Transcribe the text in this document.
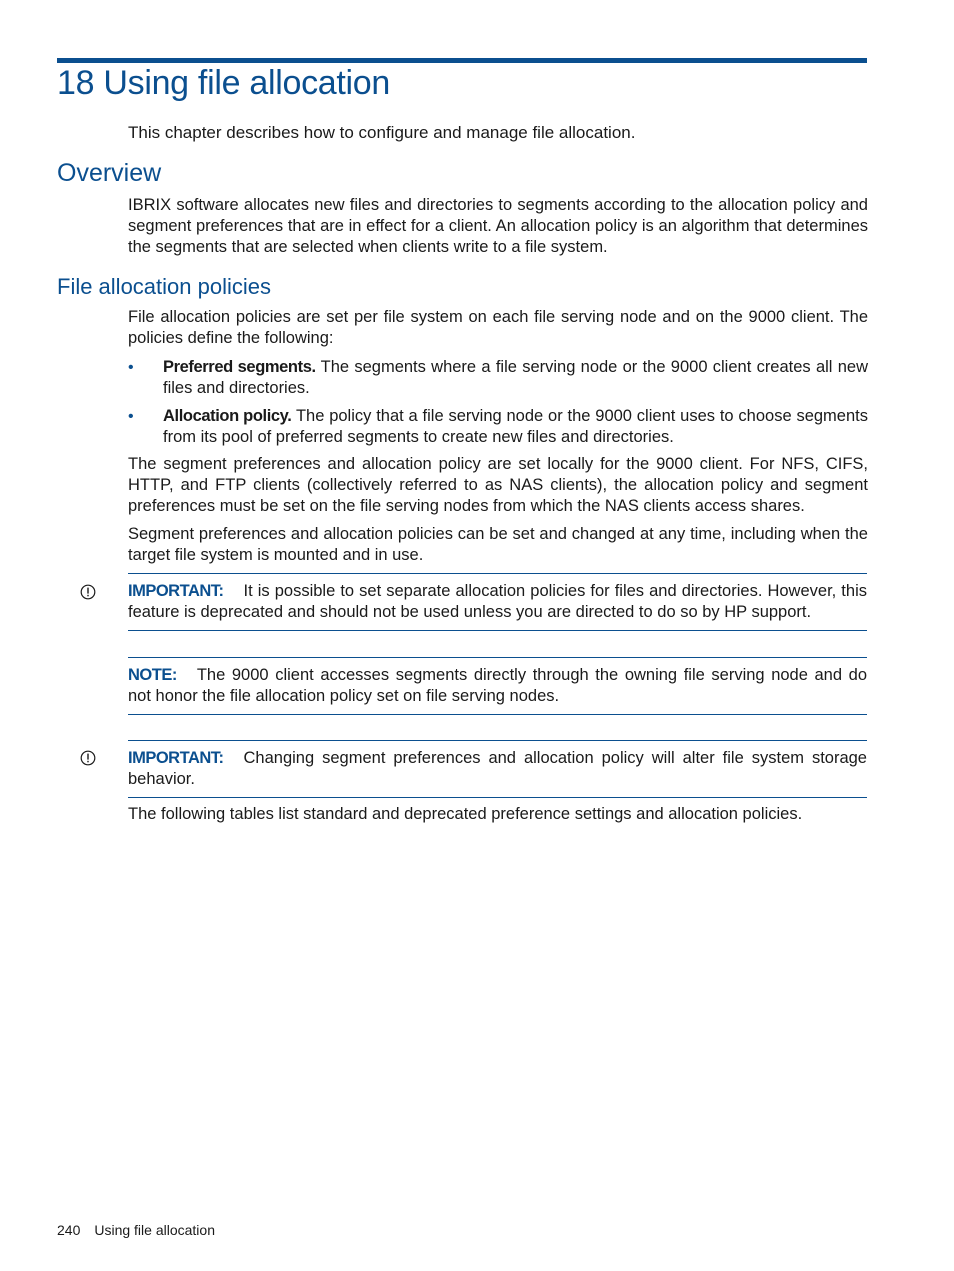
18 Using file allocation

This chapter describes how to configure and manage file allocation.

Overview

IBRIX software allocates new files and directories to segments according to the allocation policy and segment preferences that are in effect for a client. An allocation policy is an algorithm that determines the segments that are selected when clients write to a file system.

File allocation policies

File allocation policies are set per file system on each file serving node and on the 9000 client. The policies define the following:

• Preferred segments. The segments where a file serving node or the 9000 client creates all new files and directories.
• Allocation policy. The policy that a file serving node or the 9000 client uses to choose segments from its pool of preferred segments to create new files and directories.

The segment preferences and allocation policy are set locally for the 9000 client. For NFS, CIFS, HTTP, and FTP clients (collectively referred to as NAS clients), the allocation policy and segment preferences must be set on the file serving nodes from which the NAS clients access shares.

Segment preferences and allocation policies can be set and changed at any time, including when the target file system is mounted and in use.

IMPORTANT: It is possible to set separate allocation policies for files and directories. However, this feature is deprecated and should not be used unless you are directed to do so by HP support.
NOTE: The 9000 client accesses segments directly through the owning file serving node and do not honor the file allocation policy set on file serving nodes.
IMPORTANT: Changing segment preferences and allocation policy will alter file system storage behavior.

The following tables list standard and deprecated preference settings and allocation policies.

240 Using file allocation
